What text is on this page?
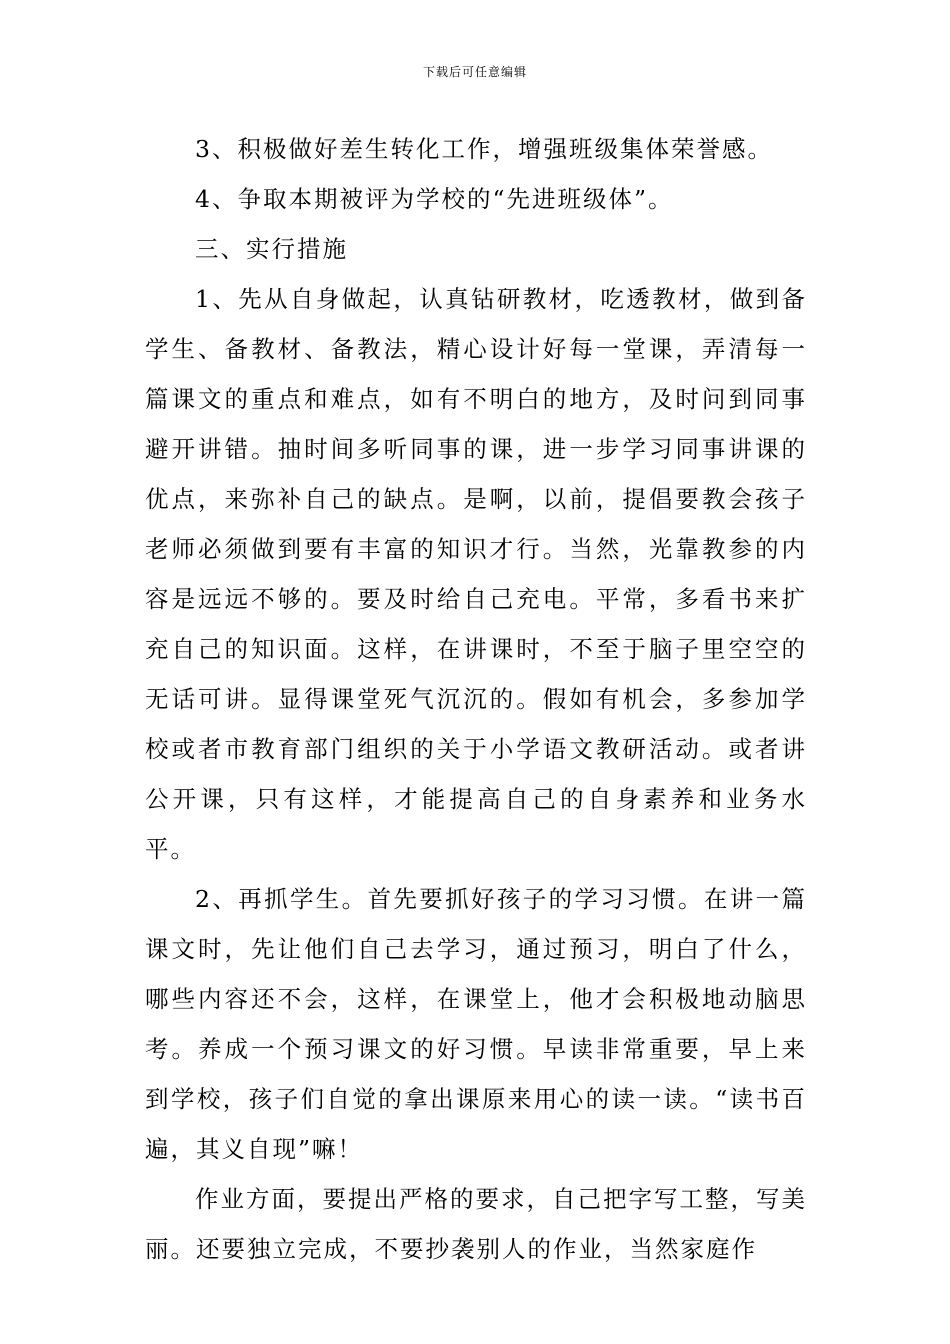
下载后可任意编辑

3、积极做好差生转化工作，增强班级集体荣誉感。

4、争取本期被评为学校的“先进班级体”。

三、实行措施

1、先从自身做起，认真钻研教材，吃透教材，做到备学生、备教材、备教法，精心设计好每一堂课，弄清每一篇课文的重点和难点，如有不明白的地方，及时问到同事避开讲错。抽时间多听同事的课，进一步学习同事讲课的优点，来弥补自己的缺点。是啊，以前，提倡要教会孩子老师必须做到要有丰富的知识才行。当然，光靠教参的内容是远远不够的。要及时给自己充电。平常，多看书来扩充自己的知识面。这样，在讲课时，不至于脑子里空空的无话可讲。显得课堂死气沉沉的。假如有机会，多参加学校或者市教育部门组织的关于小学语文教研活动。或者讲公开课，只有这样，才能提高自己的自身素养和业务水平。

2、再抓学生。首先要抓好孩子的学习习惯。在讲一篇课文时，先让他们自己去学习，通过预习，明白了什么，哪些内容还不会，这样，在课堂上，他才会积极地动脑思考。养成一个预习课文的好习惯。早读非常重要，早上来到学校，孩子们自觉的拿出课原来用心的读一读。“读书百遍，其义自现”嘛！

作业方面，要提出严格的要求，自己把字写工整，写美丽。还要独立完成，不要抄袭别人的作业，当然家庭作
